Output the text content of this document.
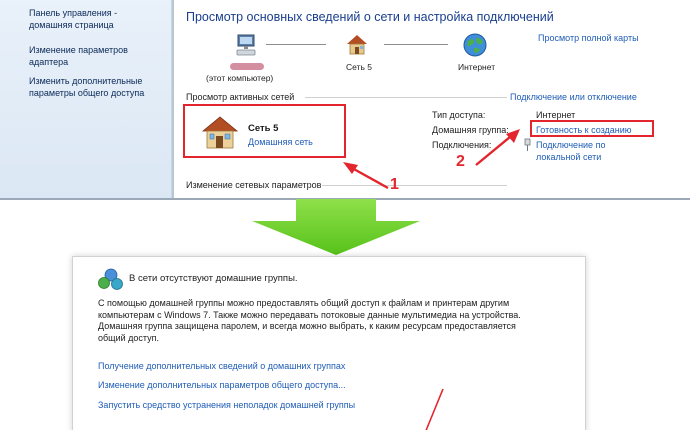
Панель управления -
домашняя страница
Изменение параметров
адаптера
Изменить дополнительные
параметры общего доступа
Просмотр основных сведений о сети и настройка подключений
Просмотр полной карты
(этот компьютер)
Сеть 5	Интернет
Просмотр активных сетей	Подключение или отключение
Сеть 5
Домашняя сеть
Тип доступа:	Интернет
Домашняя группа:	Готовность к созданию
Подключения:	Подключение по
локальной сети
Изменение сетевых параметров	1
2
В сети отсутствуют домашние группы.
С помощью домашней группы можно предоставлять общий доступ к файлам и принтерам другим
компьютерам с Windows 7. Также можно передавать потоковые данные мультимедиа на устройства.
Домашняя группа защищена паролем, и всегда можно выбрать, к каким ресурсам предоставляется
общий доступ.
Получение дополнительных сведений о домашних группах
Изменение дополнительных параметров общего доступа...
Запустить средство устранения неполадок домашней группы
